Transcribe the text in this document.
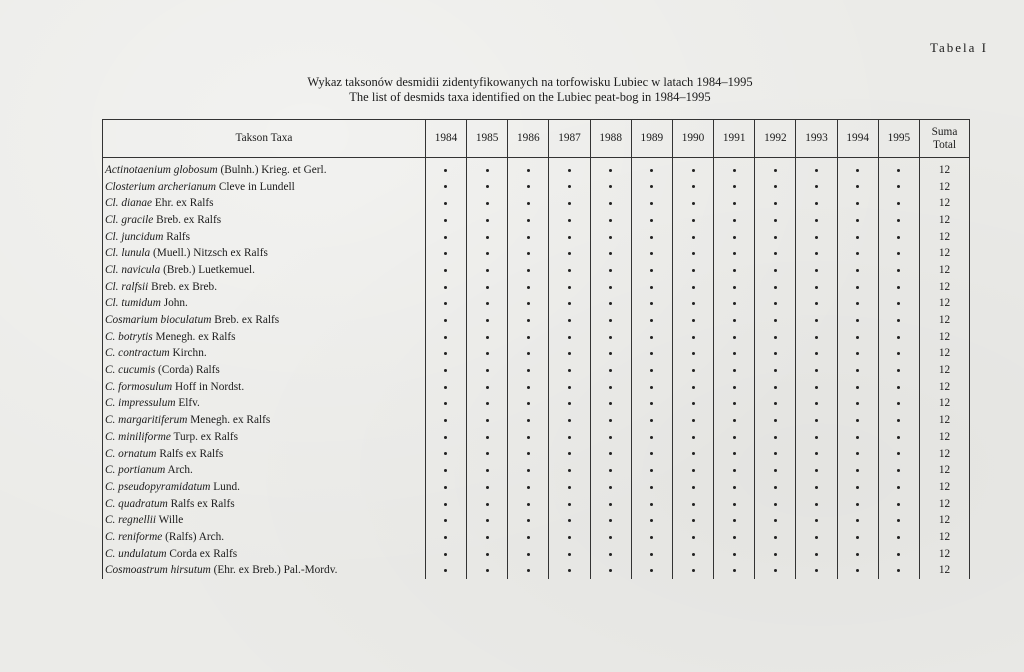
Tabela I
Wykaz taksonów desmidii zidentyfikowanych na torfowisku Lubiec w latach 1984–1995
The list of desmids taxa identified on the Lubiec peat-bog in 1984–1995
Takson Taxa	1984	1985	1986	1987	1988	1989	1990	1991	1992	1993	1994	1995	Suma
Total

Actinotaenium globosum (Bulnh.) Krieg. et Gerl.													12
Closterium archerianum Cleve in Lundell													12
Cl. dianae Ehr. ex Ralfs													12
Cl. gracile Breb. ex Ralfs													12
Cl. juncidum Ralfs													12
Cl. lunula (Muell.) Nitzsch ex Ralfs													12
Cl. navicula (Breb.) Luetkemuel.													12
Cl. ralfsii Breb. ex Breb.													12
Cl. tumidum John.													12
Cosmarium bioculatum Breb. ex Ralfs													12
C. botrytis Menegh. ex Ralfs													12
C. contractum Kirchn.													12
C. cucumis (Corda) Ralfs													12
C. formosulum Hoff in Nordst.													12
C. impressulum Elfv.													12
C. margaritiferum Menegh. ex Ralfs													12
C. miniliforme Turp. ex Ralfs													12
C. ornatum Ralfs ex Ralfs													12
C. portianum Arch.													12
C. pseudopyramidatum Lund.													12
C. quadratum Ralfs ex Ralfs													12
C. regnellii Wille													12
C. reniforme (Ralfs) Arch.													12
C. undulatum Corda ex Ralfs													12
Cosmoastrum hirsutum (Ehr. ex Breb.) Pal.-Mordv.													12
